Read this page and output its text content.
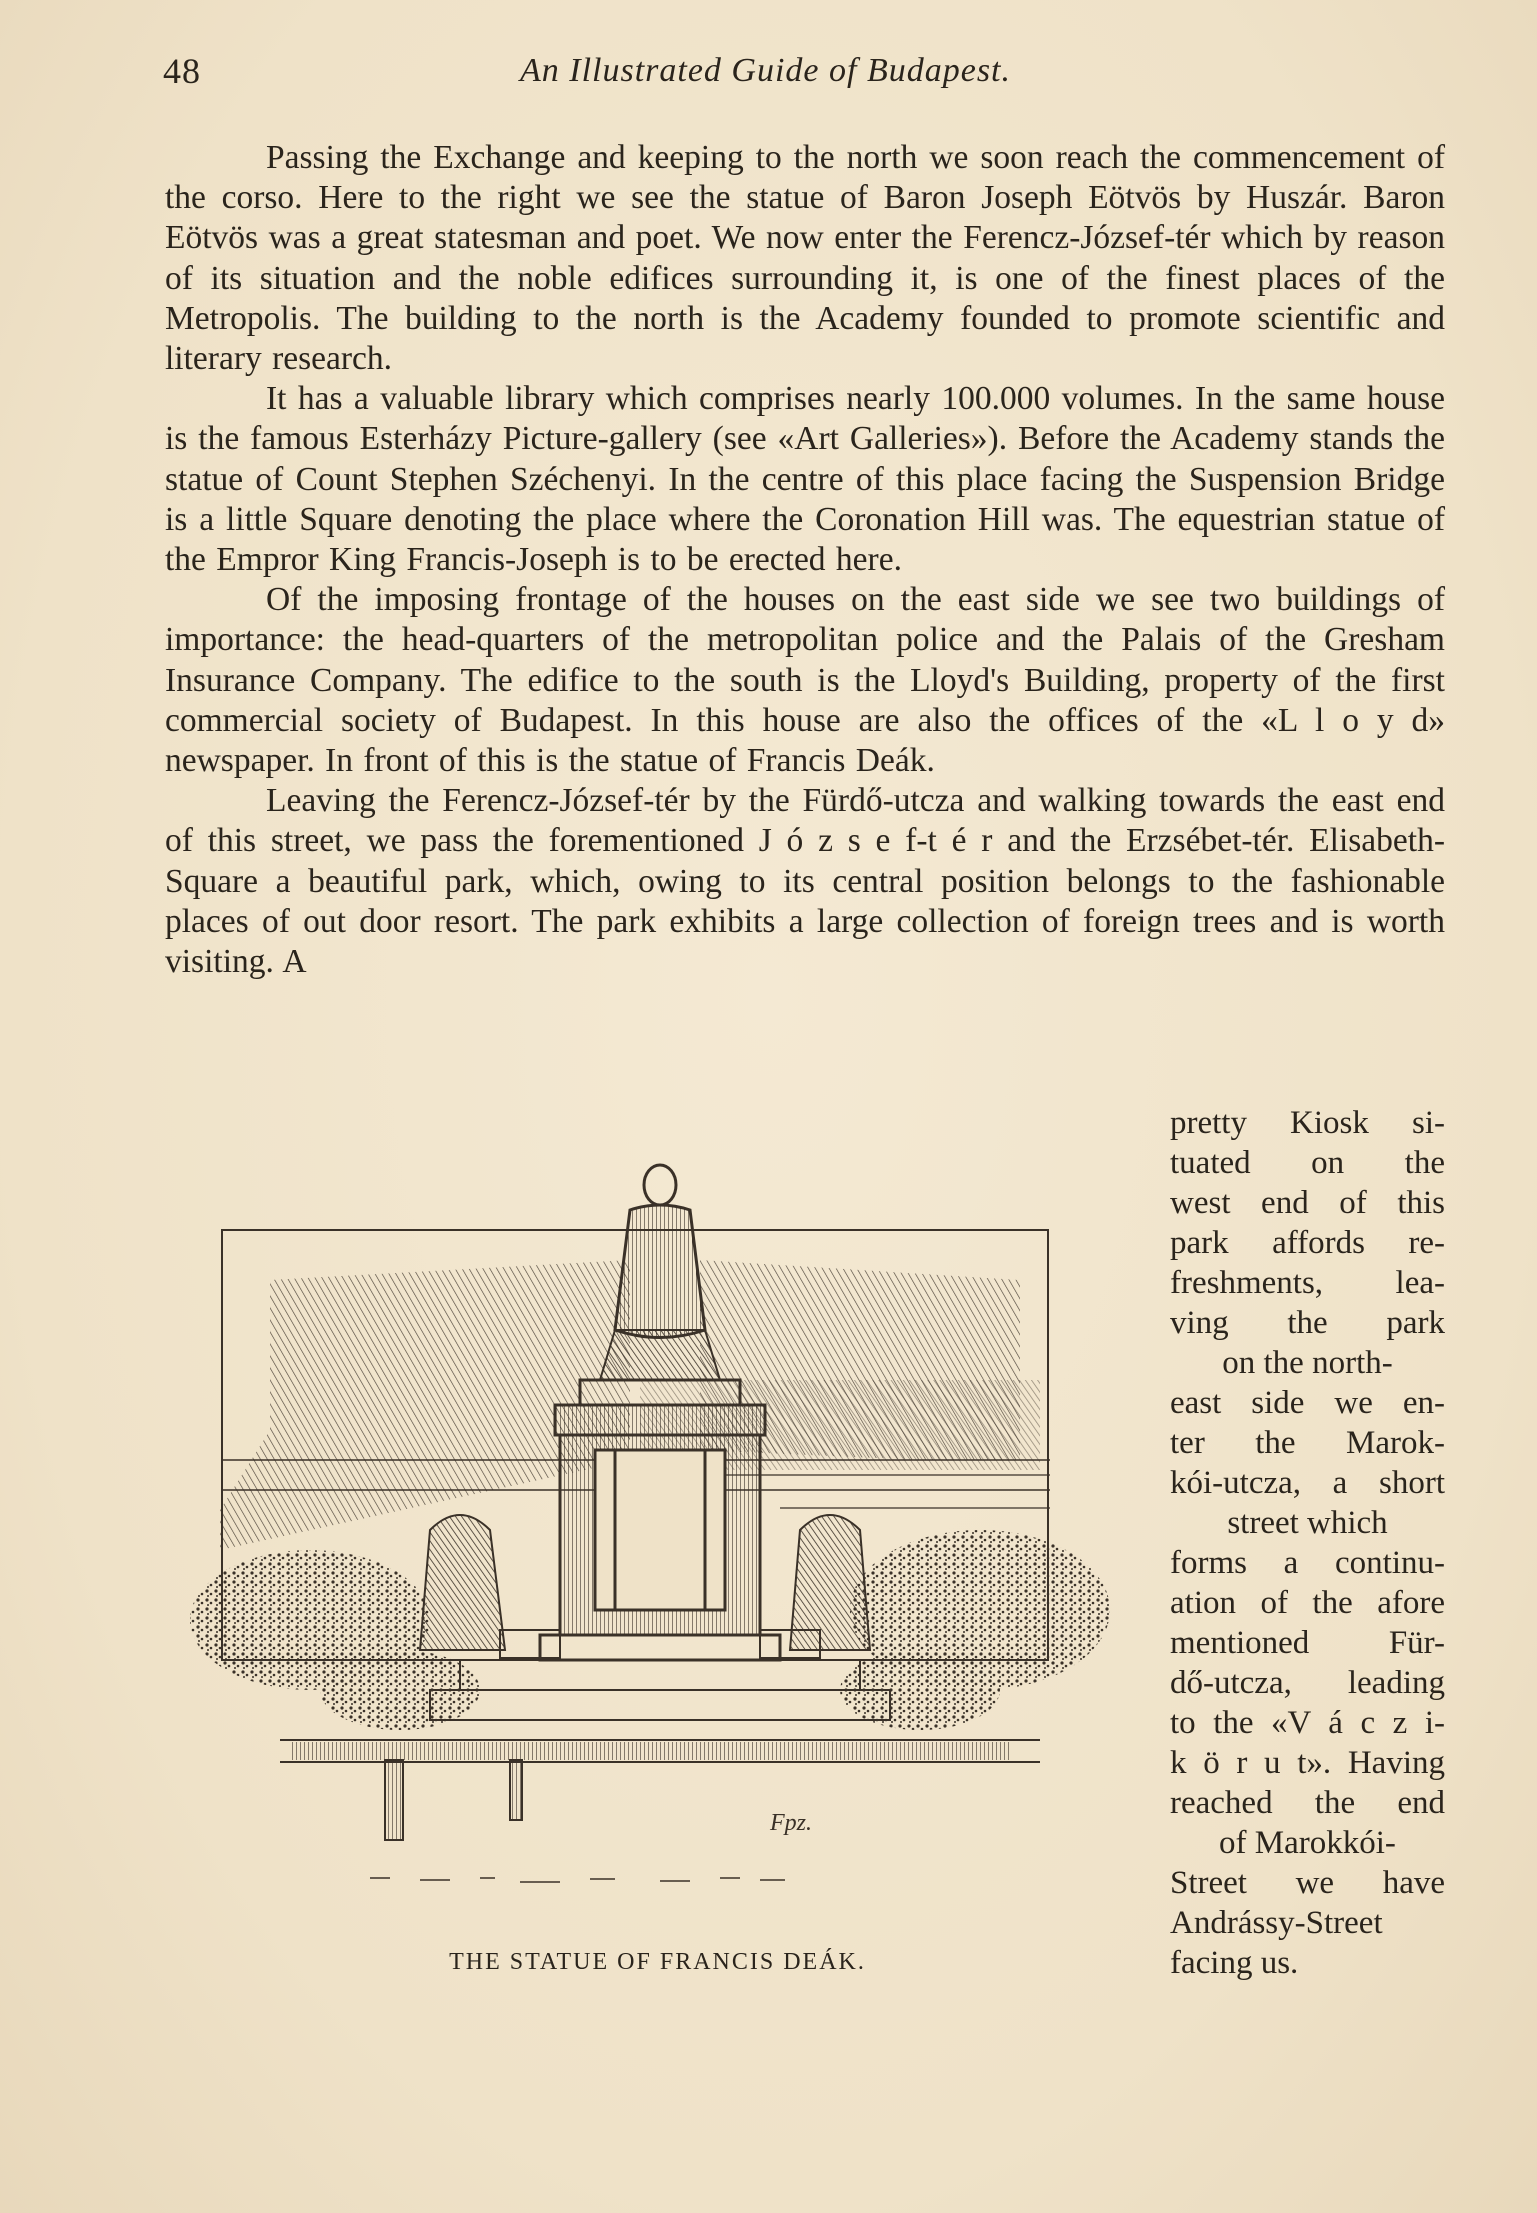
48	An Illustrated Guide of Budapest.

Passing the Exchange and keeping to the north we soon reach the commencement of the corso. Here to the right we see the statue of Baron Joseph Eötvös by Huszár. Baron Eötvös was a great statesman and poet. We now enter the Ferencz-József-tér which by reason of its situation and the noble edifices surrounding it, is one of the finest places of the Metropolis. The building to the north is the Academy founded to promote scientific and literary research.

It has a valuable library which comprises nearly 100.000 volumes. In the same house is the famous Esterházy Picture-gallery (see «Art Galleries»). Before the Academy stands the statue of Count Stephen Széchenyi. In the centre of this place facing the Suspension Bridge is a little Square denoting the place where the Coronation Hill was. The equestrian statue of the Empror King Francis-Joseph is to be erected here.

Of the imposing frontage of the houses on the east side we see two buildings of importance: the head-quarters of the metropolitan police and the Palais of the Gresham Insurance Company. The edifice to the south is the Lloyd's Building, property of the first commercial society of Budapest. In this house are also the offices of the «L l o y d» newspaper. In front of this is the statue of Francis Deák.

Leaving the Ferencz-József-tér by the Fürdő-utcza and walking towards the east end of this street, we pass the forementioned J ó z s e f-t é r and the Erzsébet-tér. Elisabeth-Square a beautiful park, which, owing to its central position belongs to the fashionable places of out door resort. The park exhibits a large collection of foreign trees and is worth visiting. A

pretty Kiosk si-
tuated on the
west end of this
park affords re-
freshments, lea-
ving the park
on the north-
east side we en-
ter the Marok-
kói-utcza, a short
street which
forms a continu-
ation of the afore
mentioned Für-
dő-utcza, leading
to the «V á c z i-
k ö r u t». Having
reached the end
of Marokkói-
Street we have
Andrássy-Street
facing us.
Fpz.
THE STATUE OF FRANCIS DEÁK.
